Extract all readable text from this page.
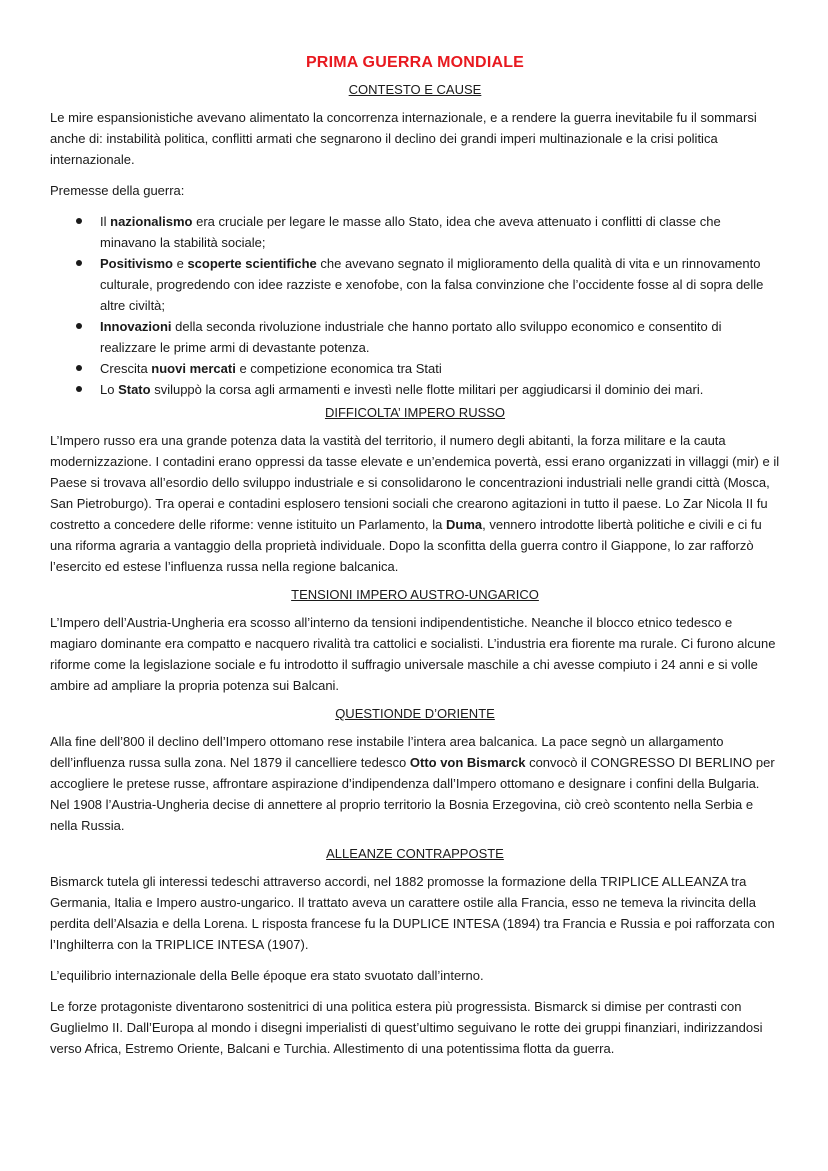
PRIMA GUERRA MONDIALE
CONTESTO E CAUSE

Le mire espansionistiche avevano alimentato la concorrenza internazionale, e a rendere la guerra inevitabile fu il sommarsi anche di: instabilità politica, conflitti armati che segnarono il declino dei grandi imperi multinazionale e la crisi politica internazionale.

Premesse della guerra:

Il nazionalismo era cruciale per legare le masse allo Stato, idea che aveva attenuato i conflitti di classe che minavano la stabilità sociale;
Positivismo e scoperte scientifiche che avevano segnato il miglioramento della qualità di vita e un rinnovamento culturale, progredendo con idee razziste e xenofobe, con la falsa convinzione che l’occidente fosse al di sopra delle altre civiltà;
Innovazioni della seconda rivoluzione industriale che hanno portato allo sviluppo economico e consentito di realizzare le prime armi di devastante potenza.
Crescita nuovi mercati e competizione economica tra Stati
Lo Stato sviluppò la corsa agli armamenti e investì nelle flotte militari per aggiudicarsi il dominio dei mari.
DIFFICOLTA’ IMPERO RUSSO

L’Impero russo era una grande potenza data la vastità del territorio, il numero degli abitanti, la forza militare e la cauta modernizzazione. I contadini erano oppressi da tasse elevate e un’endemica povertà, essi erano organizzati in villaggi (mir) e il Paese si trovava all’esordio dello sviluppo industriale e si consolidarono le concentrazioni industriali nelle grandi città (Mosca, San Pietroburgo). Tra operai e contadini esplosero tensioni sociali che crearono agitazioni in tutto il paese. Lo Zar Nicola II fu costretto a concedere delle riforme: venne istituito un Parlamento, la Duma, vennero introdotte libertà politiche e civili e ci fu una riforma agraria a vantaggio della proprietà individuale. Dopo la sconfitta della guerra contro il Giappone, lo zar rafforzò l’esercito ed estese l’influenza russa nella regione balcanica.

TENSIONI IMPERO AUSTRO-UNGARICO

L’Impero dell’Austria-Ungheria era scosso all’interno da tensioni indipendentistiche. Neanche il blocco etnico tedesco e magiaro dominante era compatto e nacquero rivalità tra cattolici e socialisti. L’industria era fiorente ma rurale. Ci furono alcune riforme come la legislazione sociale e fu introdotto il suffragio universale maschile a chi avesse compiuto i 24 anni e si volle ambire ad ampliare la propria potenza sui Balcani.

QUESTIONDE D’ORIENTE

Alla fine dell’800 il declino dell’Impero ottomano rese instabile l’intera area balcanica. La pace segnò un allargamento dell’influenza russa sulla zona. Nel 1879 il cancelliere tedesco Otto von Bismarck convocò il CONGRESSO DI BERLINO per accogliere le pretese russe, affrontare aspirazione d’indipendenza dall’Impero ottomano e designare i confini della Bulgaria. Nel 1908 l’Austria-Ungheria decise di annettere al proprio territorio la Bosnia Erzegovina, ciò creò scontento nella Serbia e nella Russia.

ALLEANZE CONTRAPPOSTE

Bismarck tutela gli interessi tedeschi attraverso accordi, nel 1882 promosse la formazione della TRIPLICE ALLEANZA tra Germania, Italia e Impero austro-ungarico. Il trattato aveva un carattere ostile alla Francia, esso ne temeva la rivincita della perdita dell’Alsazia e della Lorena. L risposta francese fu la DUPLICE INTESA (1894) tra Francia e Russia e poi rafforzata con l’Inghilterra con la TRIPLICE INTESA (1907).

L’equilibrio internazionale della Belle époque era stato svuotato dall’interno.

Le forze protagoniste diventarono sostenitrici di una politica estera più progressista. Bismarck si dimise per contrasti con Guglielmo II. Dall’Europa al mondo i disegni imperialisti di quest’ultimo seguivano le rotte dei gruppi finanziari, indirizzandosi verso Africa, Estremo Oriente, Balcani e Turchia. Allestimento di una potentissima flotta da guerra.
